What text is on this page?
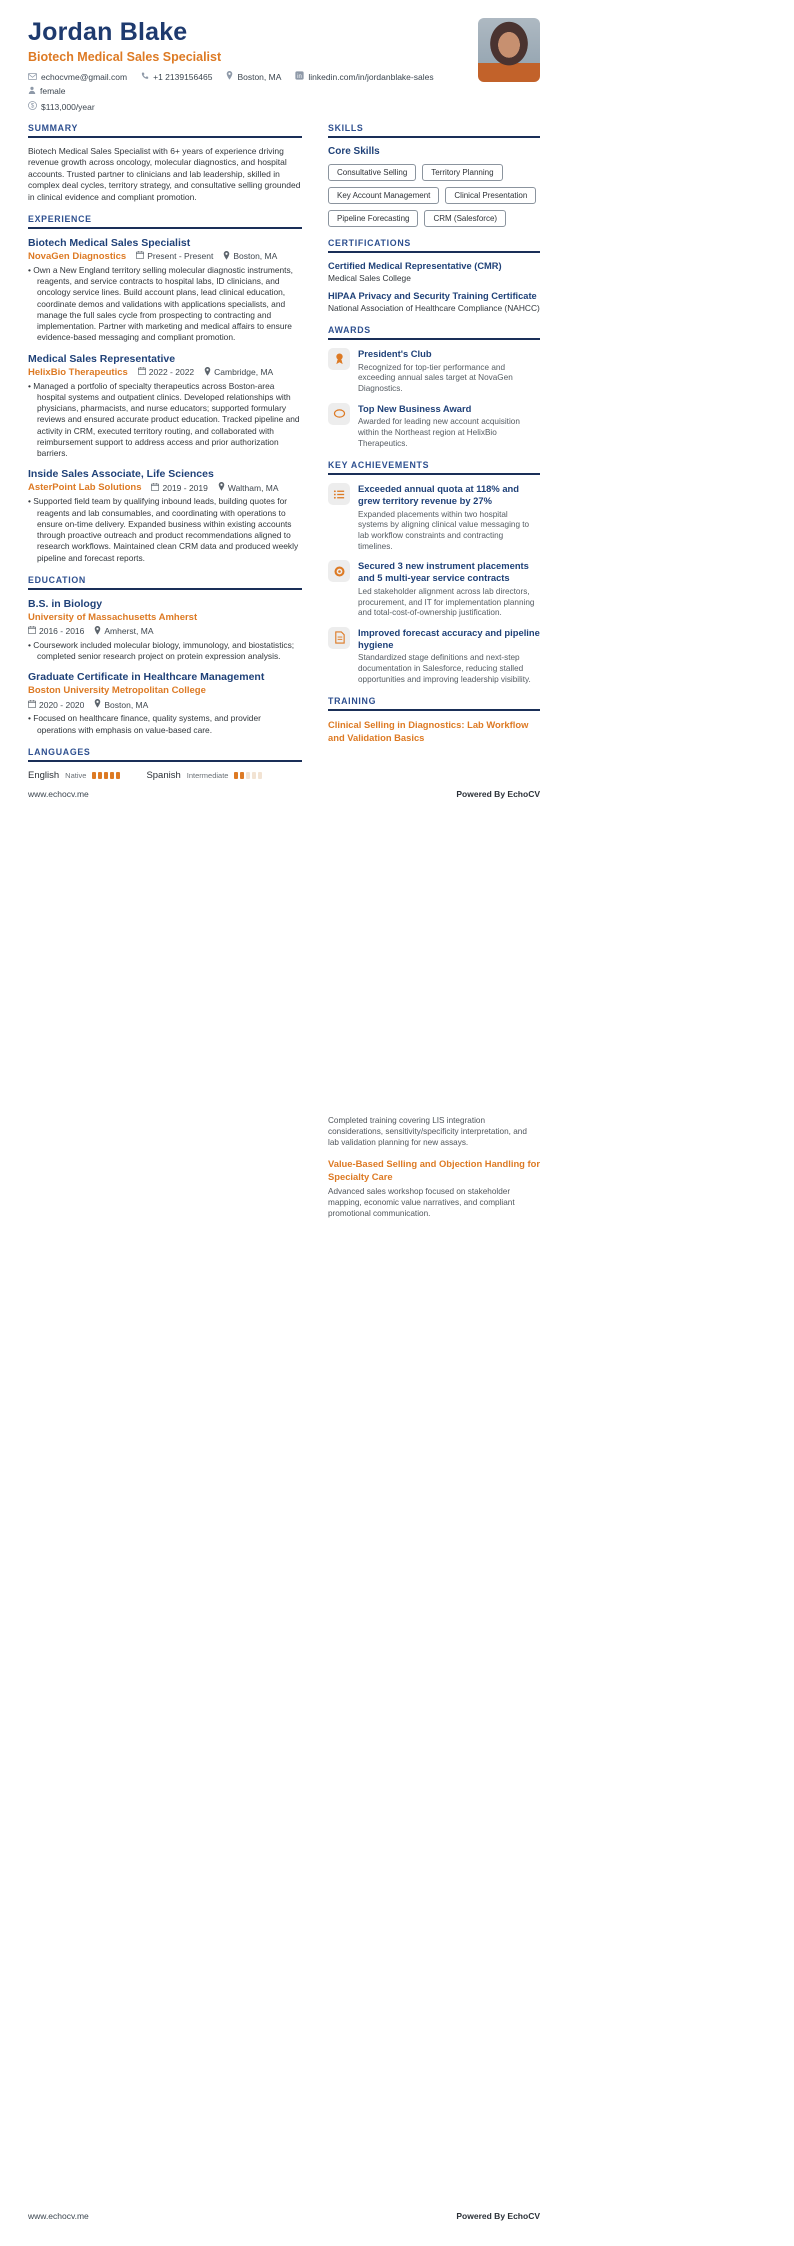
Jordan Blake
Biotech Medical Sales Specialist
echocvme@gmail.com	+1 2139156465	Boston, MA in linkedin.com/in/jordanblake-sales
female
$ $113,000/year
SUMMARY
Biotech Medical Sales Specialist with 6+ years of experience driving revenue growth across oncology, molecular diagnostics, and hospital accounts. Trusted partner to clinicians and lab leadership, skilled in complex deal cycles, territory strategy, and consultative selling grounded in clinical evidence and compliant promotion.
EXPERIENCE
Biotech Medical Sales Specialist
NovaGen Diagnostics Present - Present Boston, MA
• Own a New England territory selling molecular diagnostic instruments, reagents, and service contracts to hospital labs, ID clinicians, and oncology service lines. Build account plans, lead clinical education, coordinate demos and validations with applications specialists, and manage the full sales cycle from prospecting to contracting and implementation. Partner with marketing and medical affairs to ensure evidence-based messaging and compliant promotion.
Medical Sales Representative
HelixBio Therapeutics 2022 - 2022 Cambridge, MA
• Managed a portfolio of specialty therapeutics across Boston-area hospital systems and outpatient clinics. Developed relationships with physicians, pharmacists, and nurse educators; supported formulary reviews and ensured accurate product education. Tracked pipeline and activity in CRM, executed territory routing, and collaborated with reimbursement support to address access and prior authorization barriers.
Inside Sales Associate, Life Sciences
AsterPoint Lab Solutions 2019 - 2019 Waltham, MA
• Supported field team by qualifying inbound leads, building quotes for reagents and lab consumables, and coordinating with operations to ensure on-time delivery. Expanded business within existing accounts through proactive outreach and product recommendations aligned to research workflows. Maintained clean CRM data and produced weekly pipeline and forecast reports.
EDUCATION
B.S. in Biology
University of Massachusetts Amherst
2016 - 2016 Amherst, MA
• Coursework included molecular biology, immunology, and biostatistics; completed senior research project on protein expression analysis.
Graduate Certificate in Healthcare Management
Boston University Metropolitan College
2020 - 2020 Boston, MA
• Focused on healthcare finance, quality systems, and provider operations with emphasis on value-based care.
LANGUAGES
English Native	Spanish Intermediate
SKILLS
Core Skills
Consultative Selling	Territory Planning
Key Account Management	Clinical Presentation
Pipeline Forecasting	CRM (Salesforce)
CERTIFICATIONS
Certified Medical Representative (CMR)
Medical Sales College
HIPAA Privacy and Security Training Certificate
National Association of Healthcare Compliance (NAHCC)
AWARDS
President's Club
Recognized for top-tier performance and exceeding annual sales target at NovaGen Diagnostics.
Top New Business Award
Awarded for leading new account acquisition within the Northeast region at HelixBio Therapeutics.
KEY ACHIEVEMENTS
Exceeded annual quota at 118% and grew territory revenue by 27%
Expanded placements within two hospital systems by aligning clinical value messaging to lab workflow constraints and contracting timelines.
Secured 3 new instrument placements and 5 multi-year service contracts
Led stakeholder alignment across lab directors, procurement, and IT for implementation planning and total-cost-of-ownership justification.
Improved forecast accuracy and pipeline hygiene
Standardized stage definitions and next-step documentation in Salesforce, reducing stalled opportunities and improving leadership visibility.
TRAINING
Clinical Selling in Diagnostics: Lab Workflow and Validation Basics
www.echocv.me	Powered By EchoCV
Completed training covering LIS integration considerations, sensitivity/specificity interpretation, and lab validation planning for new assays.
Value-Based Selling and Objection Handling for Specialty Care
Advanced sales workshop focused on stakeholder mapping, economic value narratives, and compliant promotional communication.
www.echocv.me	Powered By EchoCV
